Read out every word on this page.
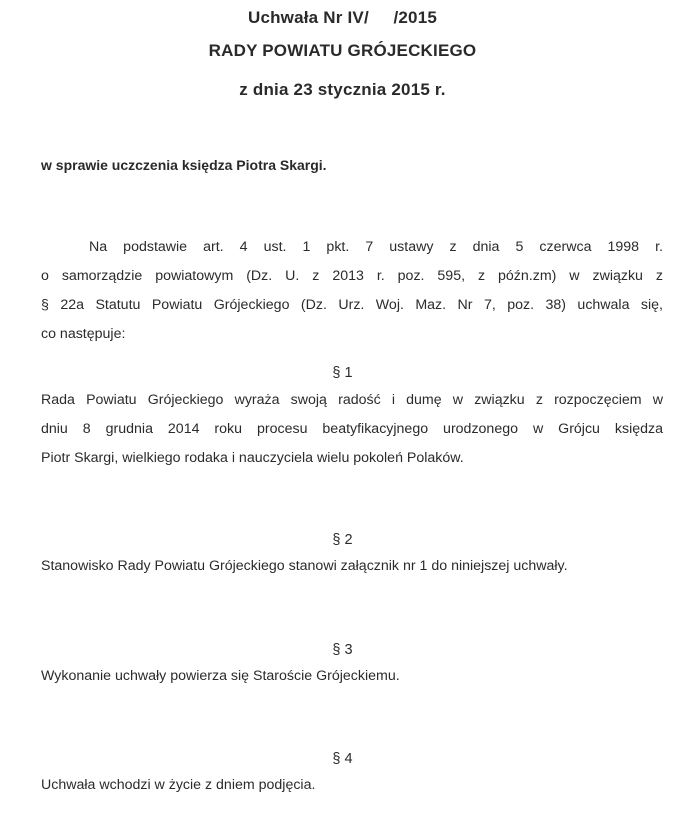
Uchwała Nr IV/     /2015
RADY POWIATU GRÓJECKIEGO
z dnia 23 stycznia 2015 r.
w sprawie uczczenia księdza Piotra Skargi.
Na podstawie art. 4 ust. 1 pkt. 7 ustawy z dnia 5 czerwca 1998 r.
o samorządzie powiatowym (Dz. U. z 2013 r. poz. 595, z późn.zm) w związku z
§ 22a Statutu Powiatu Grójeckiego (Dz. Urz. Woj. Maz. Nr 7, poz. 38) uchwala się,
co następuje:
§ 1
Rada Powiatu Grójeckiego wyraża swoją radość i dumę w związku z rozpoczęciem w
dniu 8 grudnia 2014 roku procesu beatyfikacyjnego urodzonego w Grójcu księdza
Piotr Skargi, wielkiego rodaka i nauczyciela wielu pokoleń Polaków.
§ 2
Stanowisko Rady Powiatu Grójeckiego stanowi załącznik nr 1 do niniejszej uchwały.
§ 3
Wykonanie uchwały powierza się Staroście Grójeckiemu.
§ 4
Uchwała wchodzi w życie z dniem podjęcia.
